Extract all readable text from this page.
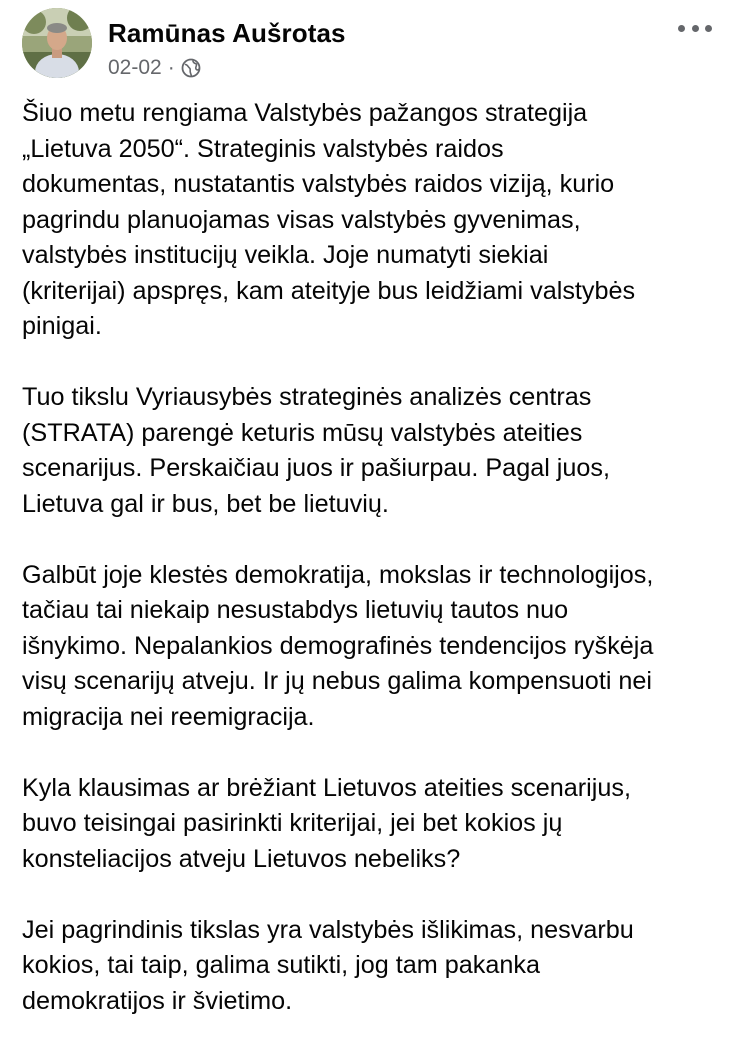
Ramūnas Aušrotas
02-02 ·

Šiuo metu rengiama Valstybės pažangos strategija
„Lietuva 2050“. Strateginis valstybės raidos
dokumentas, nustatantis valstybės raidos viziją, kurio
pagrindu planuojamas visas valstybės gyvenimas,
valstybės institucijų veikla. Joje numatyti siekiai
(kriterijai) apspręs, kam ateityje bus leidžiami valstybės
pinigai.

Tuo tikslu Vyriausybės strateginės analizės centras
(STRATA) parengė keturis mūsų valstybės ateities
scenarijus. Perskaičiau juos ir pašiurpau. Pagal juos,
Lietuva gal ir bus, bet be lietuvių.

Galbūt joje klestės demokratija, mokslas ir technologijos,
tačiau tai niekaip nesustabdys lietuvių tautos nuo
išnykimo. Nepalankios demografinės tendencijos ryškėja
visų scenarijų atveju. Ir jų nebus galima kompensuoti nei
migracija nei reemigracija.

Kyla klausimas ar brėžiant Lietuvos ateities scenarijus,
buvo teisingai pasirinkti kriterijai, jei bet kokios jų
konsteliacijos atveju Lietuvos nebeliks?

Jei pagrindinis tikslas yra valstybės išlikimas, nesvarbu
kokios, tai taip, galima sutikti, jog tam pakanka
demokratijos ir švietimo.
